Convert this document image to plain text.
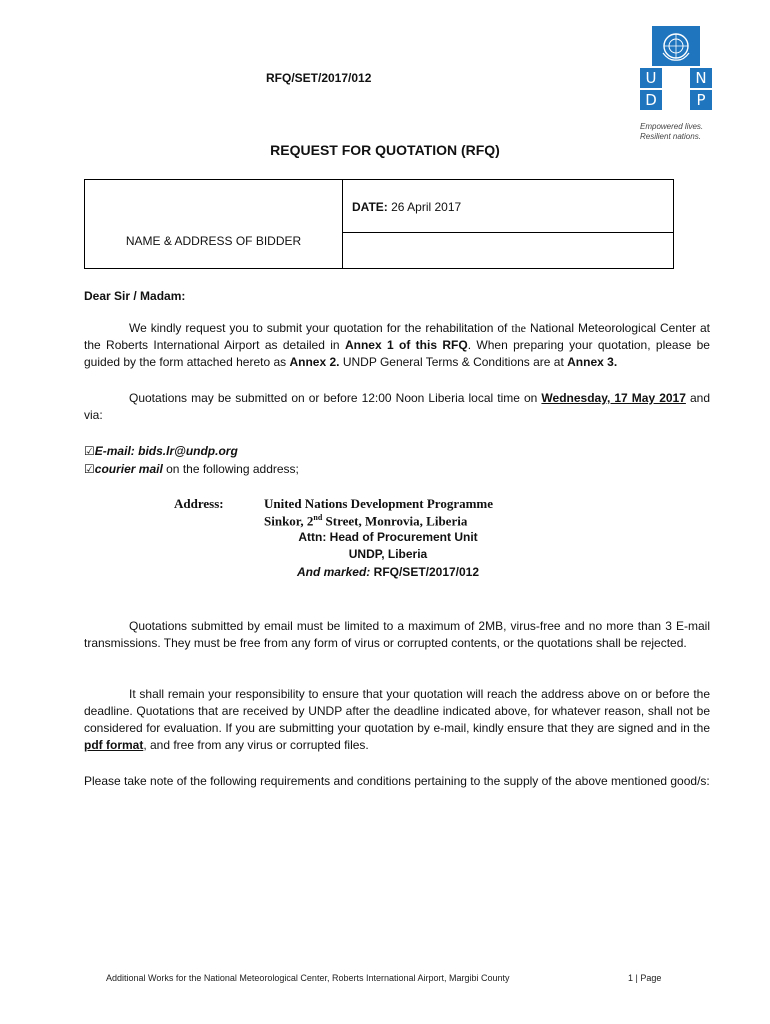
U	N
D	P
Empowered lives.
Resilient nations.
REQUEST FOR QUOTATION (RFQ)
NAME & ADDRESS OF BIDDER
DATE: 26 April 2017
RFQ/SET/2017/012
Dear Sir / Madam:
We kindly request you to submit your quotation for the rehabilitation of the National Meteorological Center at the Roberts International Airport as detailed in Annex 1 of this RFQ. When preparing your quotation, please be guided by the form attached hereto as Annex 2. UNDP General Terms & Conditions are at Annex 3.
Quotations may be submitted on or before 12:00 Noon Liberia local time on Wednesday, 17 May 2017 and via:
☑E-mail: bids.lr@undp.org
☑courier mail on the following address;
Address:	United Nations Development Programme
Sinkor, 2nd Street, Monrovia, Liberia
Attn: Head of Procurement Unit
UNDP, Liberia
And marked: RFQ/SET/2017/012
Quotations submitted by email must be limited to a maximum of 2MB, virus-free and no more than 3 E-mail transmissions. They must be free from any form of virus or corrupted contents, or the quotations shall be rejected.
It shall remain your responsibility to ensure that your quotation will reach the address above on or before the deadline. Quotations that are received by UNDP after the deadline indicated above, for whatever reason, shall not be considered for evaluation. If you are submitting your quotation by e-mail, kindly ensure that they are signed and in the pdf format, and free from any virus or corrupted files.
Please take note of the following requirements and conditions pertaining to the supply of the above mentioned good/s:
Additional Works for the National Meteorological Center, Roberts International Airport, Margibi County	1 | Page
